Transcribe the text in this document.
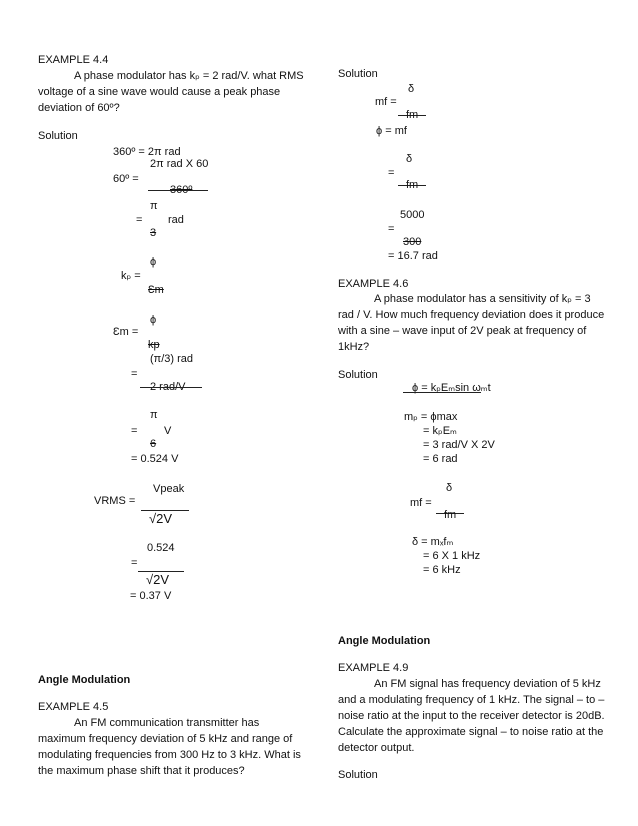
EXAMPLE 4.4
A phase modulator has kₚ = 2 rad/V. what RMS
voltage of a sine wave would cause a peak phase
deviation of 60º?
Solution
360º = 2π rad
2π rad X 60
60º =
360º
π
= rad
3
ϕ
kₚ =
Ɛm
ϕ
Ɛm =
kp
(π/3) rad
=
2 rad/V
π
= V
6
= 0.524 V
Vpeak
VRMS =
√2V
0.524
=
√2V
= 0.37 V
Angle Modulation
EXAMPLE 4.5
An FM communication transmitter has
maximum frequency deviation of 5 kHz and range of
modulating frequencies from 300 Hz to 3 kHz. What is
the maximum phase shift that it produces?
Solution
δ
mf =
fm
ϕ = mf
δ
=
fm
5000
=
300
= 16.7 rad
EXAMPLE 4.6
A phase modulator has a sensitivity of kₚ = 3
rad / V. How much frequency deviation does it produce
with a sine – wave input of 2V peak at frequency of
1kHz?
Solution
ϕ = kₚEₘsin ωₘt
mₚ = ϕmax
= kₚEₘ
= 3 rad/V X 2V
= 6 rad
δ
mf =
fm
δ = mₓfₘ
= 6 X 1 kHz
= 6 kHz
Angle Modulation
EXAMPLE 4.9
An FM signal has frequency deviation of 5 kHz
and a modulating frequency of 1 kHz. The signal – to –
noise ratio at the input to the receiver detector is 20dB.
Calculate the approximate signal – to noise ratio at the
detector output.
Solution
